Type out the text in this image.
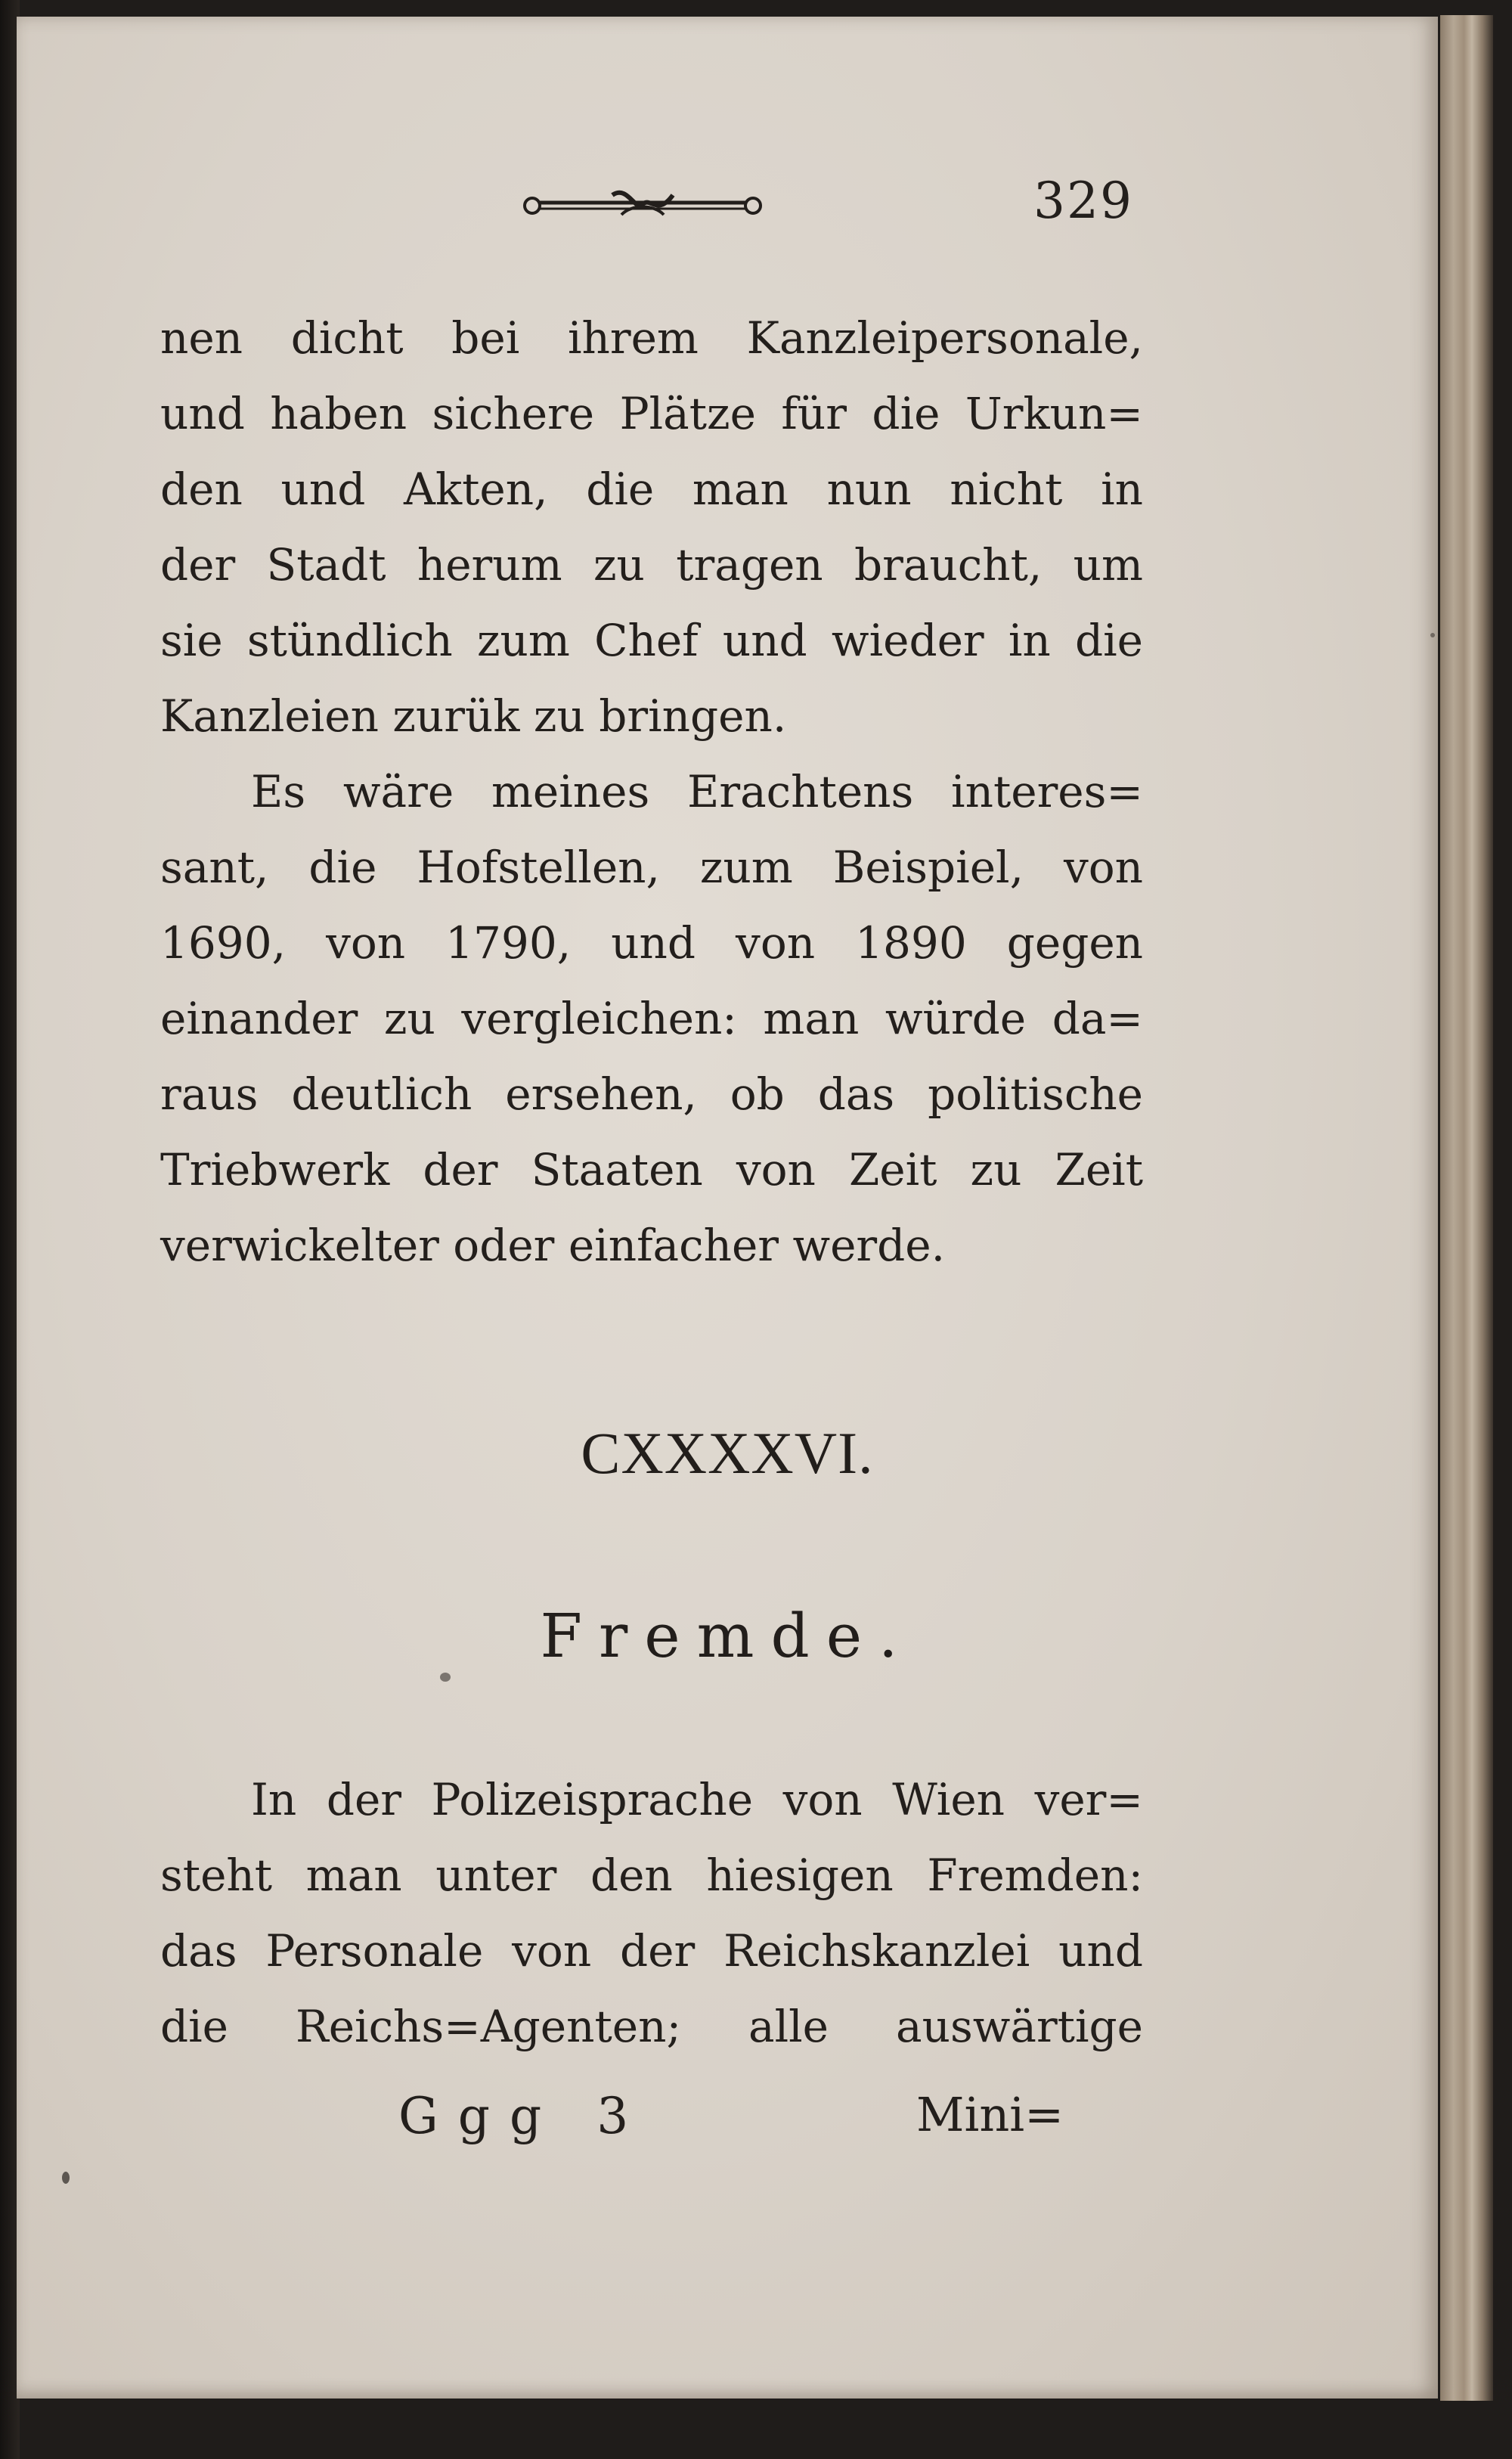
329
nen dicht bei ihrem Kanzleipersonale,
und haben sichere Plätze für die Urkun=
den und Akten, die man nun nicht in
der Stadt herum zu tragen braucht, um
sie stündlich zum Chef und wieder in die
Kanzleien zurük zu bringen.
Es wäre meines Erachtens interes=
sant, die Hofstellen, zum Beispiel, von
1690, von 1790, und von 1890 gegen
einander zu vergleichen: man würde da=
raus deutlich ersehen, ob das politische
Triebwerk der Staaten von Zeit zu Zeit
verwickelter oder einfacher werde.
CXXXXVI.
Fremde.
In der Polizeisprache von Wien ver=
steht man unter den hiesigen Fremden:
das Personale von der Reichskanzlei und
die Reichs=Agenten; alle auswärtige
Ggg 3	Mini=
